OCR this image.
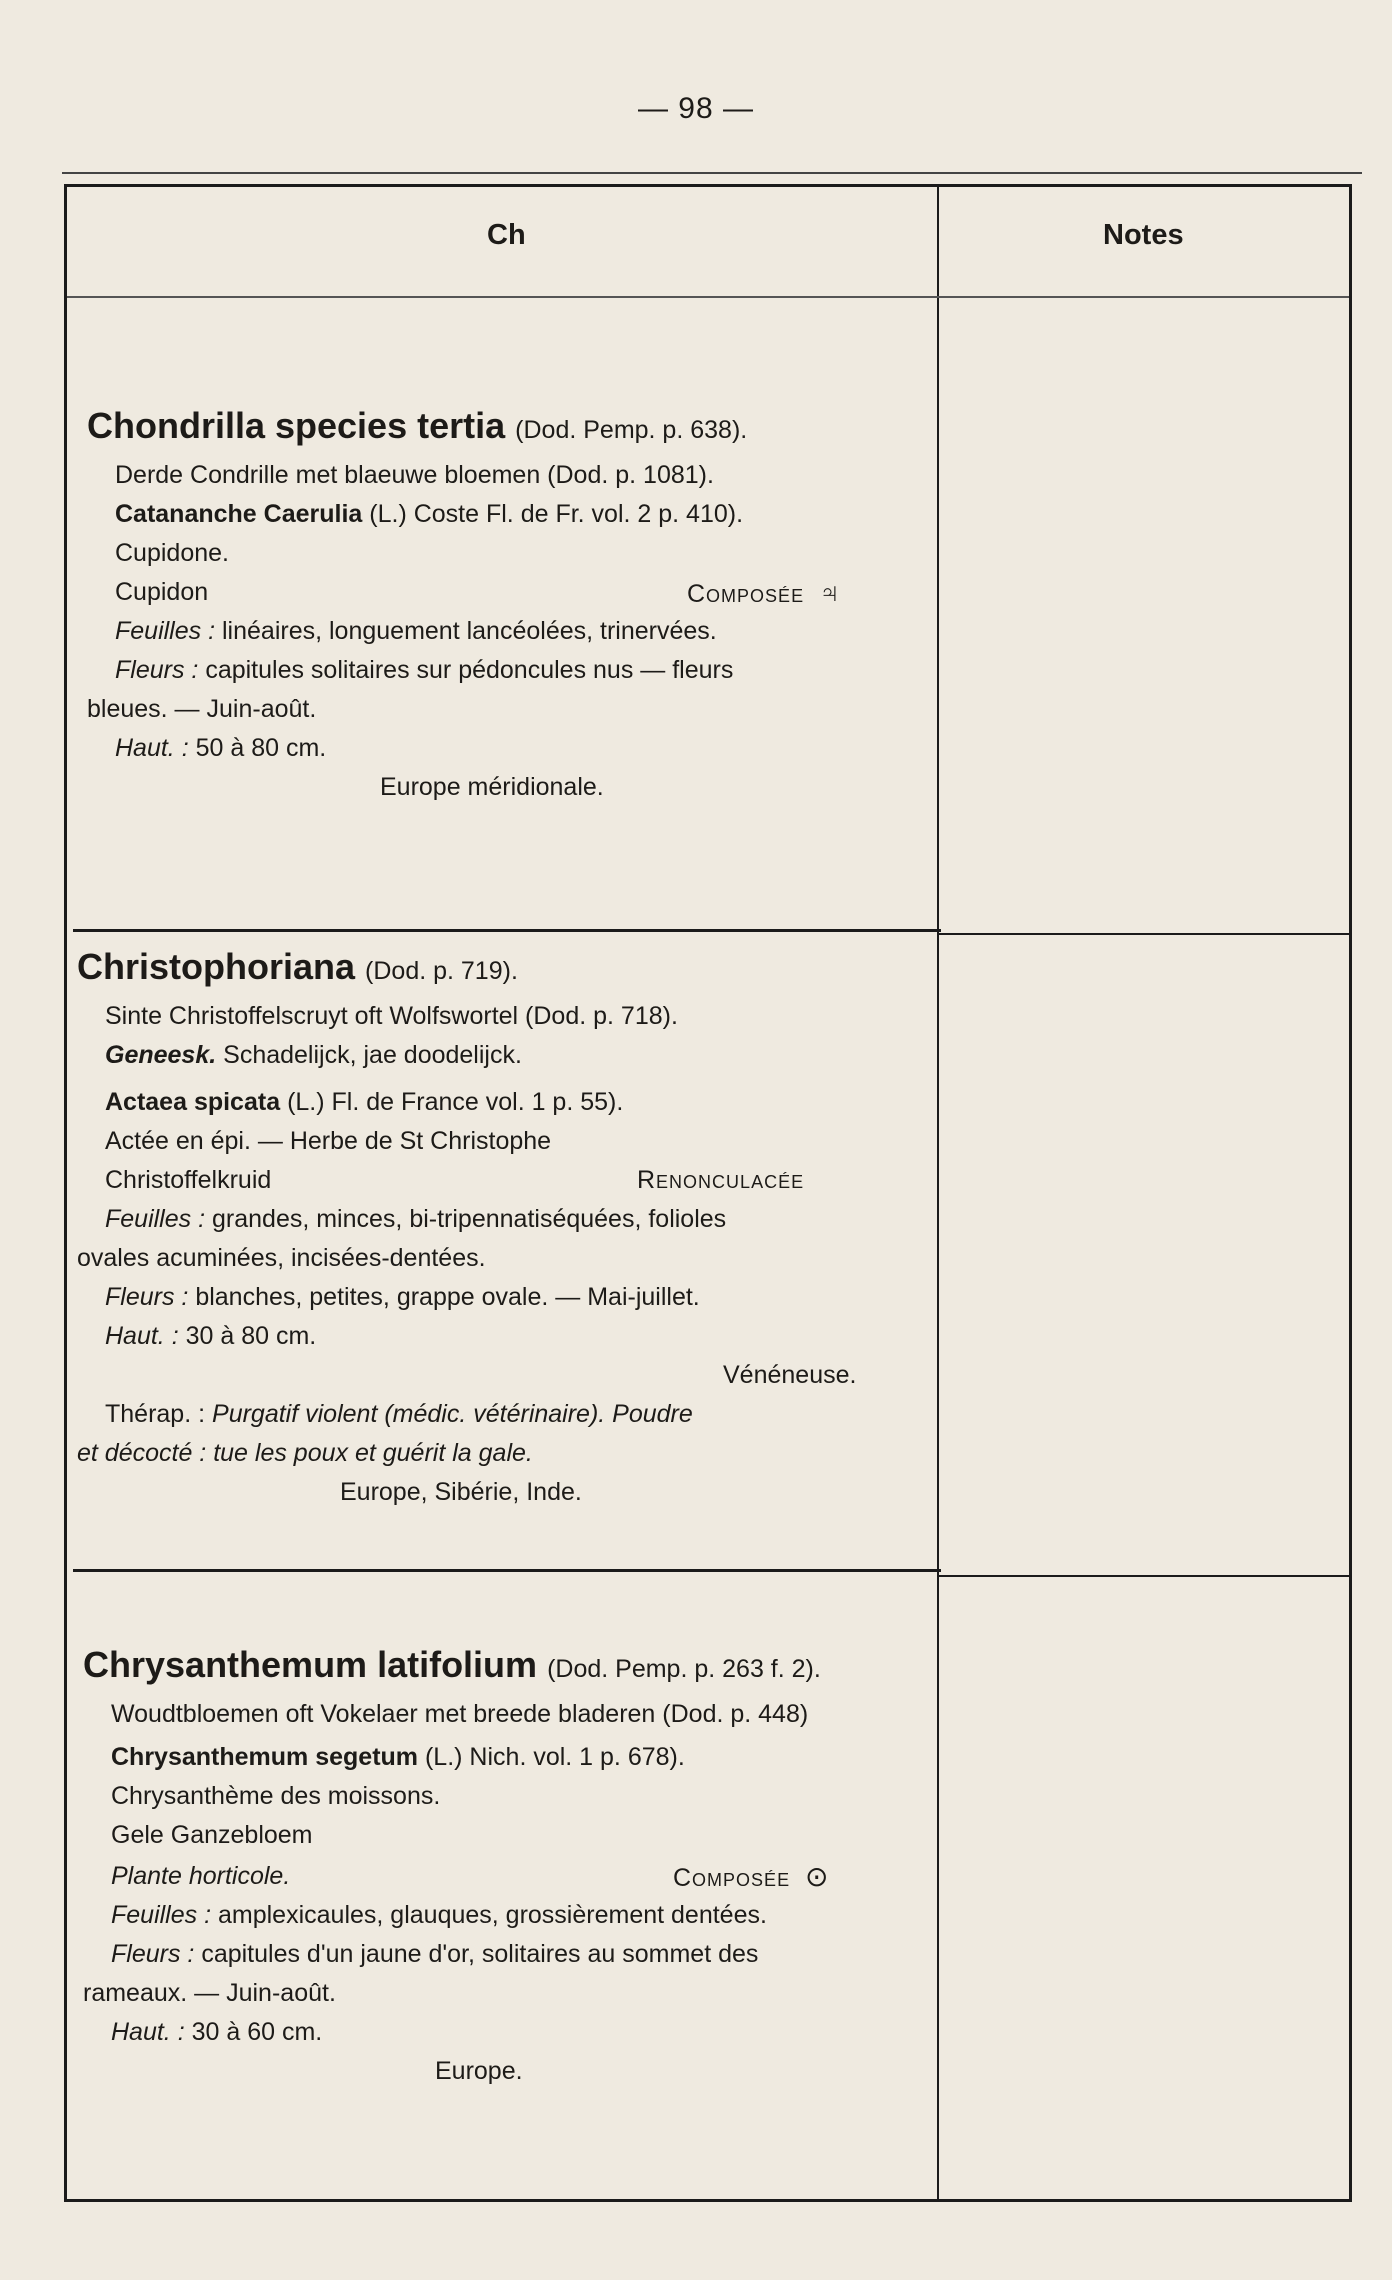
— 98 —
Ch	Notes
Chondrilla species tertia (Dod. Pemp. p. 638).
Derde Condrille met blaeuwe bloemen (Dod. p. 1081).
Catananche Caerulia (L.) Coste Fl. de Fr. vol. 2 p. 410).
Cupidone.
Cupidon	Composée ♃
Feuilles : linéaires, longuement lancéolées, trinervées.
Fleurs : capitules solitaires sur pédoncules nus — fleurs
bleues. — Juin-août.
Haut. : 50 à 80 cm.
Europe méridionale.
Christophoriana (Dod. p. 719).
Sinte Christoffelscruyt oft Wolfswortel (Dod. p. 718).
Geneesk. Schadelijck, jae doodelijck.
Actaea spicata (L.) Fl. de France vol. 1 p. 55).
Actée en épi. — Herbe de St Christophe
Christoffelkruid	Renonculacée
Feuilles : grandes, minces, bi-tripennatiséquées, folioles
ovales acuminées, incisées-dentées.
Fleurs : blanches, petites, grappe ovale. — Mai-juillet.
Haut. : 30 à 80 cm.
Vénéneuse.
Thérap. : Purgatif violent (médic. vétérinaire). Poudre
et décocté : tue les poux et guérit la gale.
Europe, Sibérie, Inde.
Chrysanthemum latifolium (Dod. Pemp. p. 263 f. 2).
Woudtbloemen oft Vokelaer met breede bladeren (Dod. p. 448)
Chrysanthemum segetum (L.) Nich. vol. 1 p. 678).
Chrysanthème des moissons.
Gele Ganzebloem
Plante horticole.	Composée ⊙
Feuilles : amplexicaules, glauques, grossièrement dentées.
Fleurs : capitules d'un jaune d'or, solitaires au sommet des
rameaux. — Juin-août.
Haut. : 30 à 60 cm.
Europe.
